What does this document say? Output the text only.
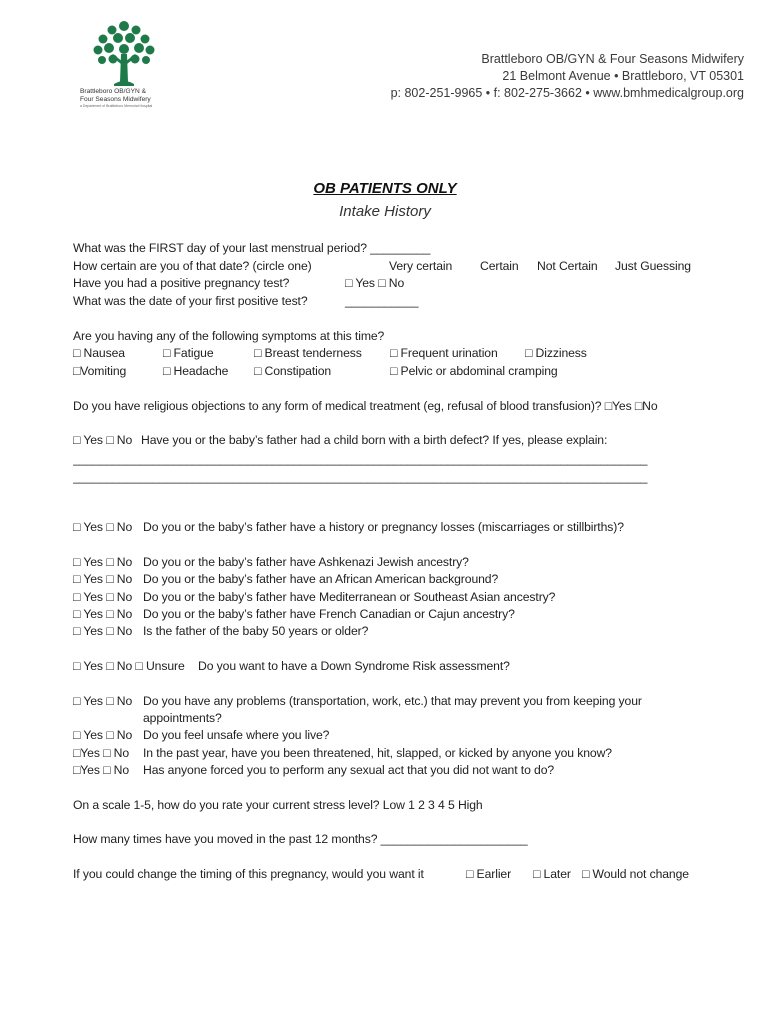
Brattleboro OB/GYN &
Four Seasons Midwifery
a Department of Brattleboro Memorial Hospital
Brattleboro OB/GYN & Four Seasons Midwifery
21 Belmont Avenue • Brattleboro, VT 05301
p: 802-251-9965 • f: 802-275-3662 • www.bmhmedicalgroup.org
OB PATIENTS ONLY
Intake History
What was the FIRST day of your last menstrual period? _________
How certain are you of that date? (circle one)	Very certain Certain Not Certain Just Guessing
Have you had a positive pregnancy test?	□ Yes □ No
What was the date of your first positive test?	___________
Are you having any of the following symptoms at this time?
□ Nausea	□ Fatigue	□ Breast tenderness □ Frequent urination □ Dizziness
□Vomiting	□ Headache □ Constipation	□ Pelvic or abdominal cramping
Do you have religious objections to any form of medical treatment (eg, refusal of blood transfusion)? □Yes □No
□ Yes □ No Have you or the baby’s father had a child born with a birth defect? If yes, please explain:
______________________________________________________________________________________
______________________________________________________________________________________
□ Yes □ No Do you or the baby’s father have a history or pregnancy losses (miscarriages or stillbirths)?
□ Yes □ No Do you or the baby’s father have Ashkenazi Jewish ancestry?
□ Yes □ No Do you or the baby’s father have an African American background?
□ Yes □ No Do you or the baby’s father have Mediterranean or Southeast Asian ancestry?
□ Yes □ No Do you or the baby’s father have French Canadian or Cajun ancestry?
□ Yes □ No Is the father of the baby 50 years or older?
□ Yes □ No □ Unsure Do you want to have a Down Syndrome Risk assessment?
□ Yes □ No Do you have any problems (transportation, work, etc.) that may prevent you from keeping your
appointments?
□ Yes □ No Do you feel unsafe where you live?
□Yes □ No In the past year, have you been threatened, hit, slapped, or kicked by anyone you know?
□Yes □ No Has anyone forced you to perform any sexual act that you did not want to do?
On a scale 1-5, how do you rate your current stress level? Low 1 2 3 4 5 High
How many times have you moved in the past 12 months? ______________________
If you could change the timing of this pregnancy, would you want it	□ Earlier □ Later □ Would not change
